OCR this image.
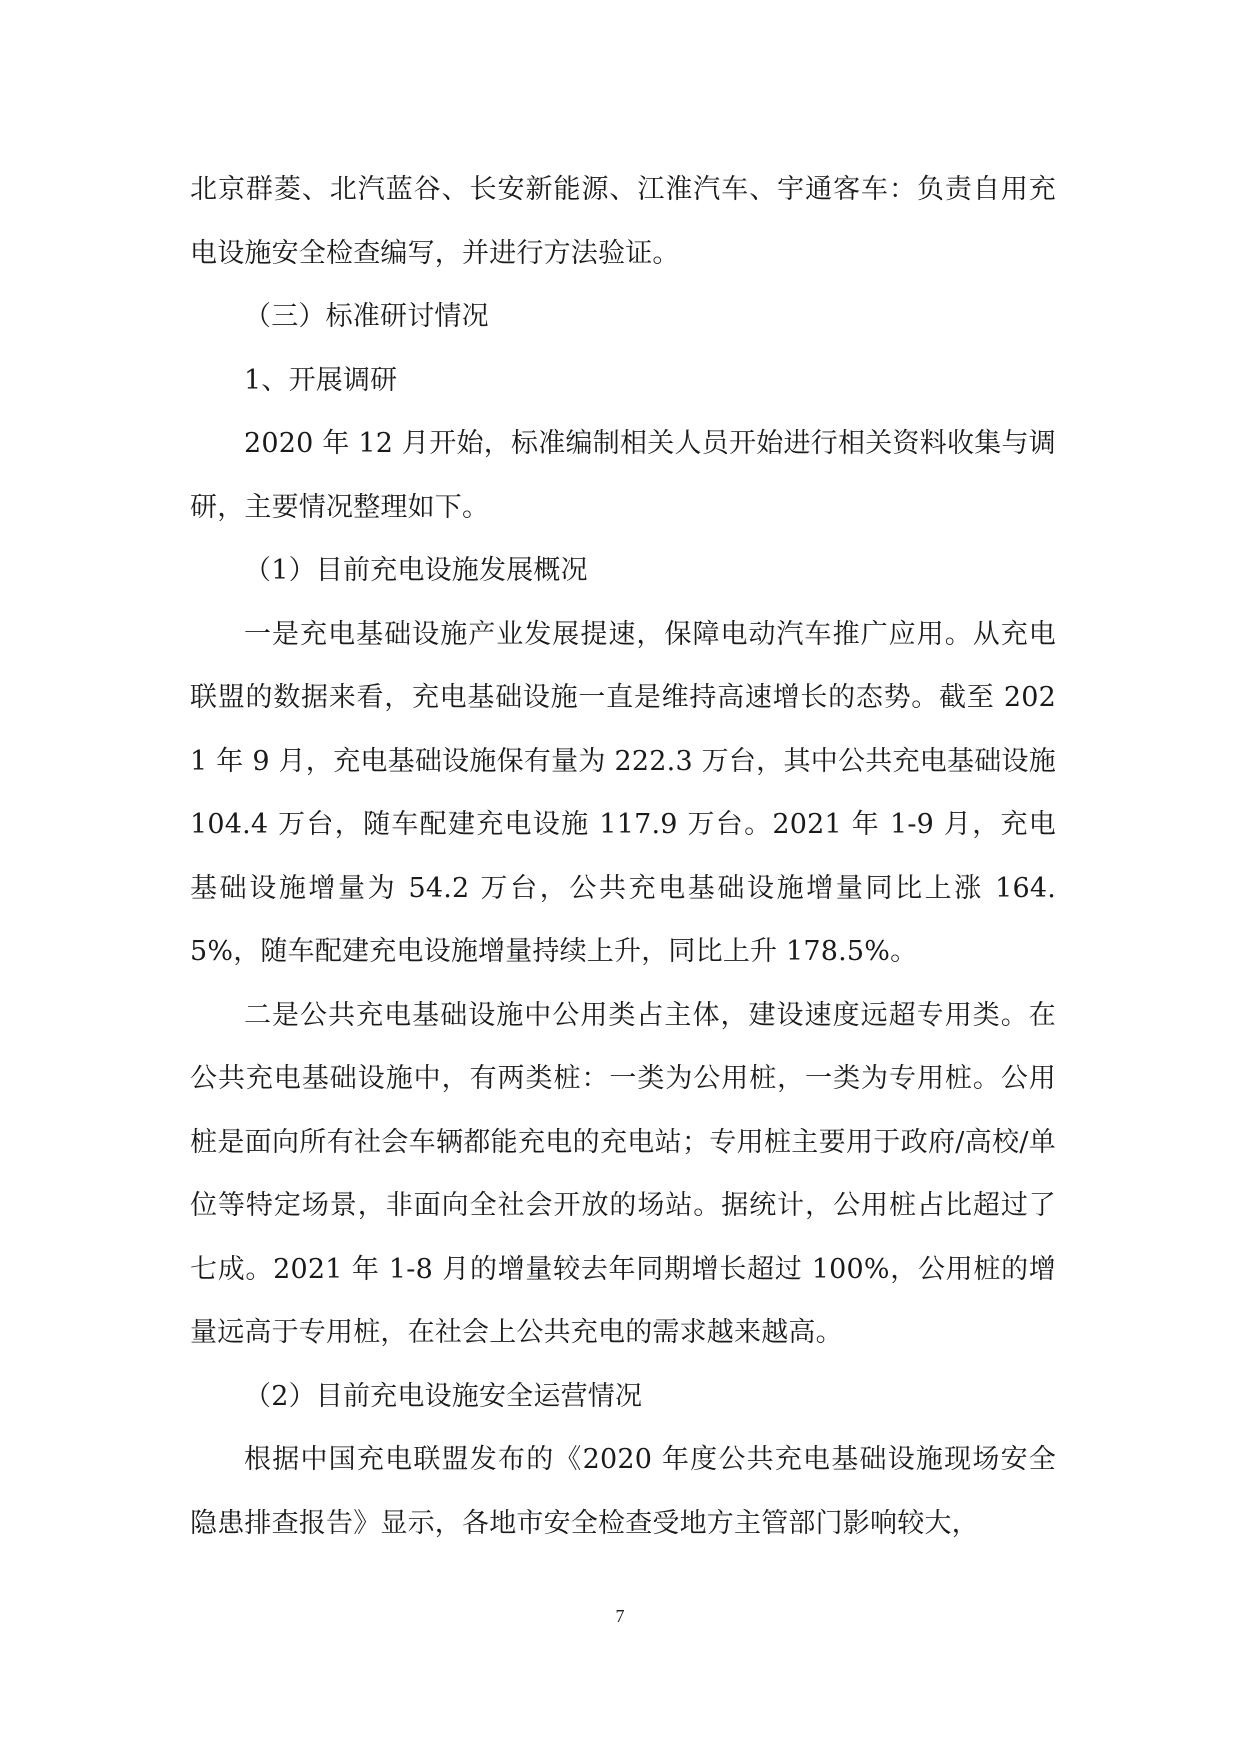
北京群菱、北汽蓝谷、长安新能源、江淮汽车、宇通客车：负责自用充电设施安全检查编写，并进行方法验证。

（三）标准研讨情况

1、开展调研

2020 年 12 月开始，标准编制相关人员开始进行相关资料收集与调研，主要情况整理如下。

（1）目前充电设施发展概况

一是充电基础设施产业发展提速，保障电动汽车推广应用。从充电联盟的数据来看，充电基础设施一直是维持高速增长的态势。截至 2021 年 9 月，充电基础设施保有量为 222.3 万台，其中公共充电基础设施 104.4 万台，随车配建充电设施 117.9 万台。2021 年 1-9 月，充电基础设施增量为 54.2 万台，公共充电基础设施增量同比上涨 164.5%，随车配建充电设施增量持续上升，同比上升 178.5%。

二是公共充电基础设施中公用类占主体，建设速度远超专用类。在公共充电基础设施中，有两类桩：一类为公用桩，一类为专用桩。公用桩是面向所有社会车辆都能充电的充电站；专用桩主要用于政府/高校/单位等特定场景，非面向全社会开放的场站。据统计，公用桩占比超过了七成。2021 年 1-8 月的增量较去年同期增长超过 100%，公用桩的增量远高于专用桩，在社会上公共充电的需求越来越高。

（2）目前充电设施安全运营情况

根据中国充电联盟发布的《2020 年度公共充电基础设施现场安全隐患排查报告》显示，各地市安全检查受地方主管部门影响较大，

7
